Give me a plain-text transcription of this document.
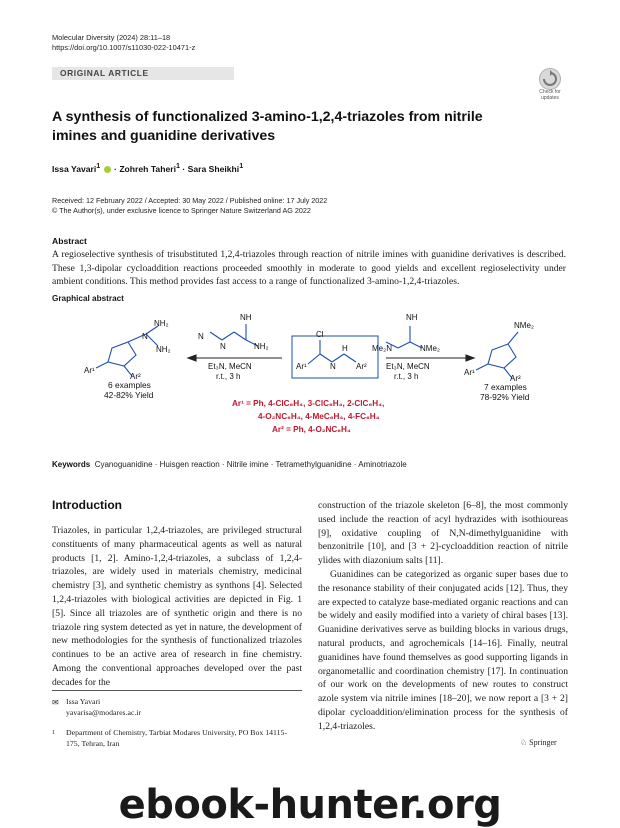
Molecular Diversity (2024) 28:11–18
https://doi.org/10.1007/s11030-022-10471-z
ORIGINAL ARTICLE
Check for
updates
A synthesis of functionalized 3-amino-1,2,4-triazoles from nitrile imines and guanidine derivatives
Issa Yavari$^1$  · Zohreh Taheri$^1$ · Sara Sheikhi$^1$
Received: 12 February 2022 / Accepted: 30 May 2022 / Published online: 17 July 2022
© The Author(s), under exclusive licence to Springer Nature Switzerland AG 2022
Abstract
A regioselective synthesis of trisubstituted 1,2,4-triazoles through reaction of nitrile imines with guanidine derivatives is described. These 1,3-dipolar cycloaddition reactions proceeded smoothly in moderate to good yields and excellent regioselectivity under ambient conditions. This method provides fast access to a range of functionalized 3-amino-1,2,4-triazoles.
Graphical abstract
NH₂
NH₂
N
Ar¹
Ar²
6 examples
42-82% Yield
N
NH
N	NH₂
Et₃N, MeCN
r.t., 3 h
Cl
Ar¹	N
H
Ar²
NH
Me₂N	NMe₂
Et₃N, MeCN
r.t., 3 h
NMe₂
Ar¹
Ar²
7 examples
78-92% Yield
Ar¹ = Ph, 4-ClC₆H₄, 3-ClC₆H₄, 2-ClC₆H₄,
4-O₂NC₆H₄, 4-MeC₆H₄, 4-FC₆H₄
Ar² = Ph, 4-O₂NC₆H₄
Keywords Cyanoguanidine · Huisgen reaction · Nitrile imine · Tetramethylguanidine · Aminotriazole
Introduction
Triazoles, in particular 1,2,4-triazoles, are privileged structural constituents of many pharmaceutical agents as well as natural products [1, 2]. Amino-1,2,4-triazoles, a subclass of 1,2,4-triazoles, are widely used in materials chemistry, medicinal chemistry [3], and synthetic chemistry as synthons [4]. Selected 1,2,4-triazoles with biological activities are depicted in Fig. 1 [5]. Since all triazoles are of synthetic origin and there is no triazole ring system detected as yet in nature, the development of new methodologies for the synthesis of functionalized triazoles continues to be an active area of research in fine chemistry. Among the conventional approaches developed over the past decades for the

construction of the triazole skeleton [6–8], the most commonly used include the reaction of acyl hydrazides with isothioureas [9], oxidative coupling of N,N-dimethylguanidine with benzonitrile [10], and [3 + 2]-cycloaddition reaction of nitrile ylides with diazonium salts [11].

Guanidines can be categorized as organic super bases due to the resonance stability of their conjugated acids [12]. Thus, they are expected to catalyze base-mediated organic reactions and can be widely and easily modified into a variety of chiral bases [13]. Guanidine derivatives serve as building blocks in various drugs, natural products, and agrochemicals [14–16]. Finally, neutral guanidines have found themselves as good supporting ligands in organometallic and coordination chemistry [17]. In continuation of our work on the developments of new routes to construct azole system via nitrile imines [18–20], we now report a [3 + 2] dipolar cycloaddition/elimination process for the synthesis of 1,2,4-triazoles.

✉ Issa Yavari
yavarisa@modares.ac.ir
1 Department of Chemistry, Tarbiat Modares University, PO Box 14115-175, Tehran, Iran	♘ Springer
ebook-hunter.org
